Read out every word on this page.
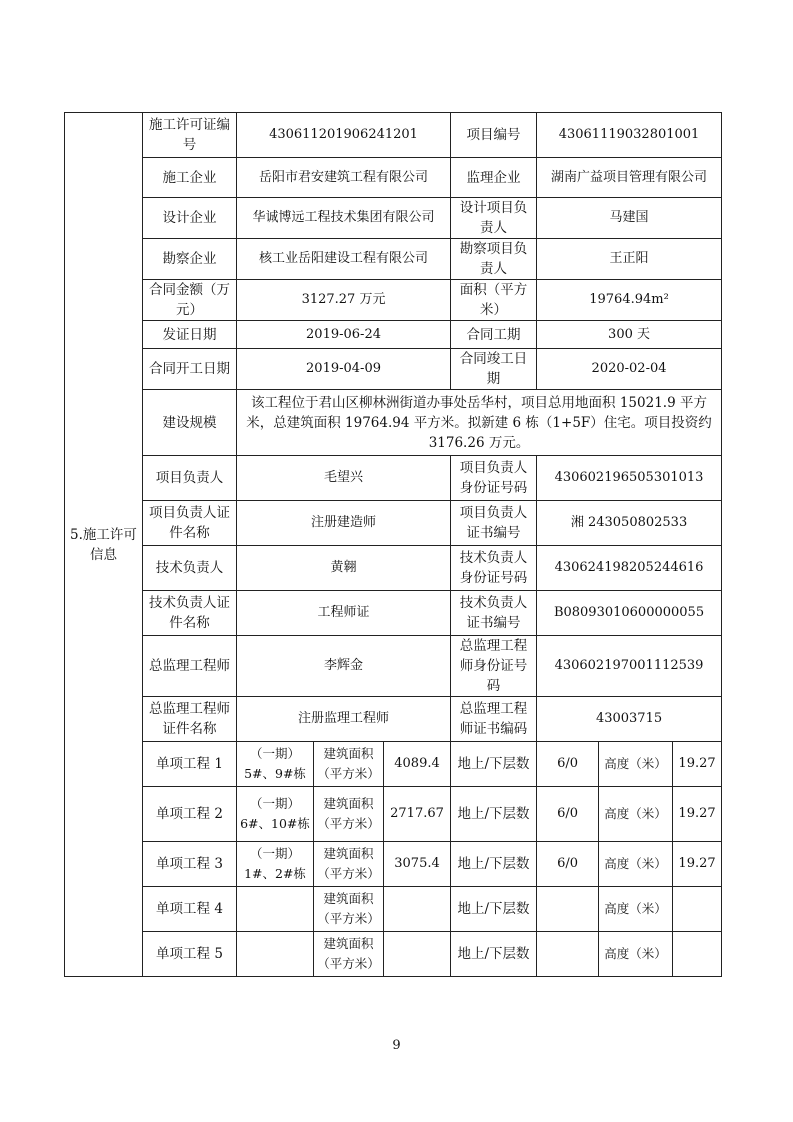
5.施工许可信息	施工许可证编号	430611201906241201			项目编号	43061119032801001		
	施工企业	岳阳市君安建筑工程有限公司			监理企业	湖南广益项目管理有限公司		
	设计企业	华诚博远工程技术集团有限公司			设计项目负责人	马建国		
	勘察企业	核工业岳阳建设工程有限公司			勘察项目负责人	王正阳		
	合同金额（万元）	3127.27 万元			面积（平方米）	19764.94m²		
	发证日期	2019-06-24			合同工期	300 天		
	合同开工日期	2019-04-09			合同竣工日期	2020-02-04		
	建设规模	该工程位于君山区柳林洲街道办事处岳华村，项目总用地面积 15021.9 平方米，总建筑面积 19764.94 平方米。拟新建 6 栋（1+5F）住宅。项目投资约 3176.26 万元。						
	项目负责人	毛望兴			项目负责人身份证号码	430602196505301013		
	项目负责人证件名称	注册建造师			项目负责人证书编号	湘 243050802533		
	技术负责人	黄翱			技术负责人身份证号码	430624198205244616		
	技术负责人证件名称	工程师证			技术负责人证书编号	B08093010600000055		
	总监理工程师	李辉金			总监理工程师身份证号码	430602197001112539		
	总监理工程师证件名称	注册监理工程师			总监理工程师证书编码	43003715		
	单项工程 1	（一期）5#、9#栋	建筑面积（平方米）	4089.4	地上/下层数	6/0	高度（米）	19.27
	单项工程 2	（一期）6#、10#栋	建筑面积（平方米）	2717.67	地上/下层数	6/0	高度（米）	19.27
	单项工程 3	（一期）1#、2#栋	建筑面积（平方米）	3075.4	地上/下层数	6/0	高度（米）	19.27
	单项工程 4		建筑面积（平方米）		地上/下层数		高度（米）	
	单项工程 5		建筑面积（平方米）		地上/下层数		高度（米）	
9
